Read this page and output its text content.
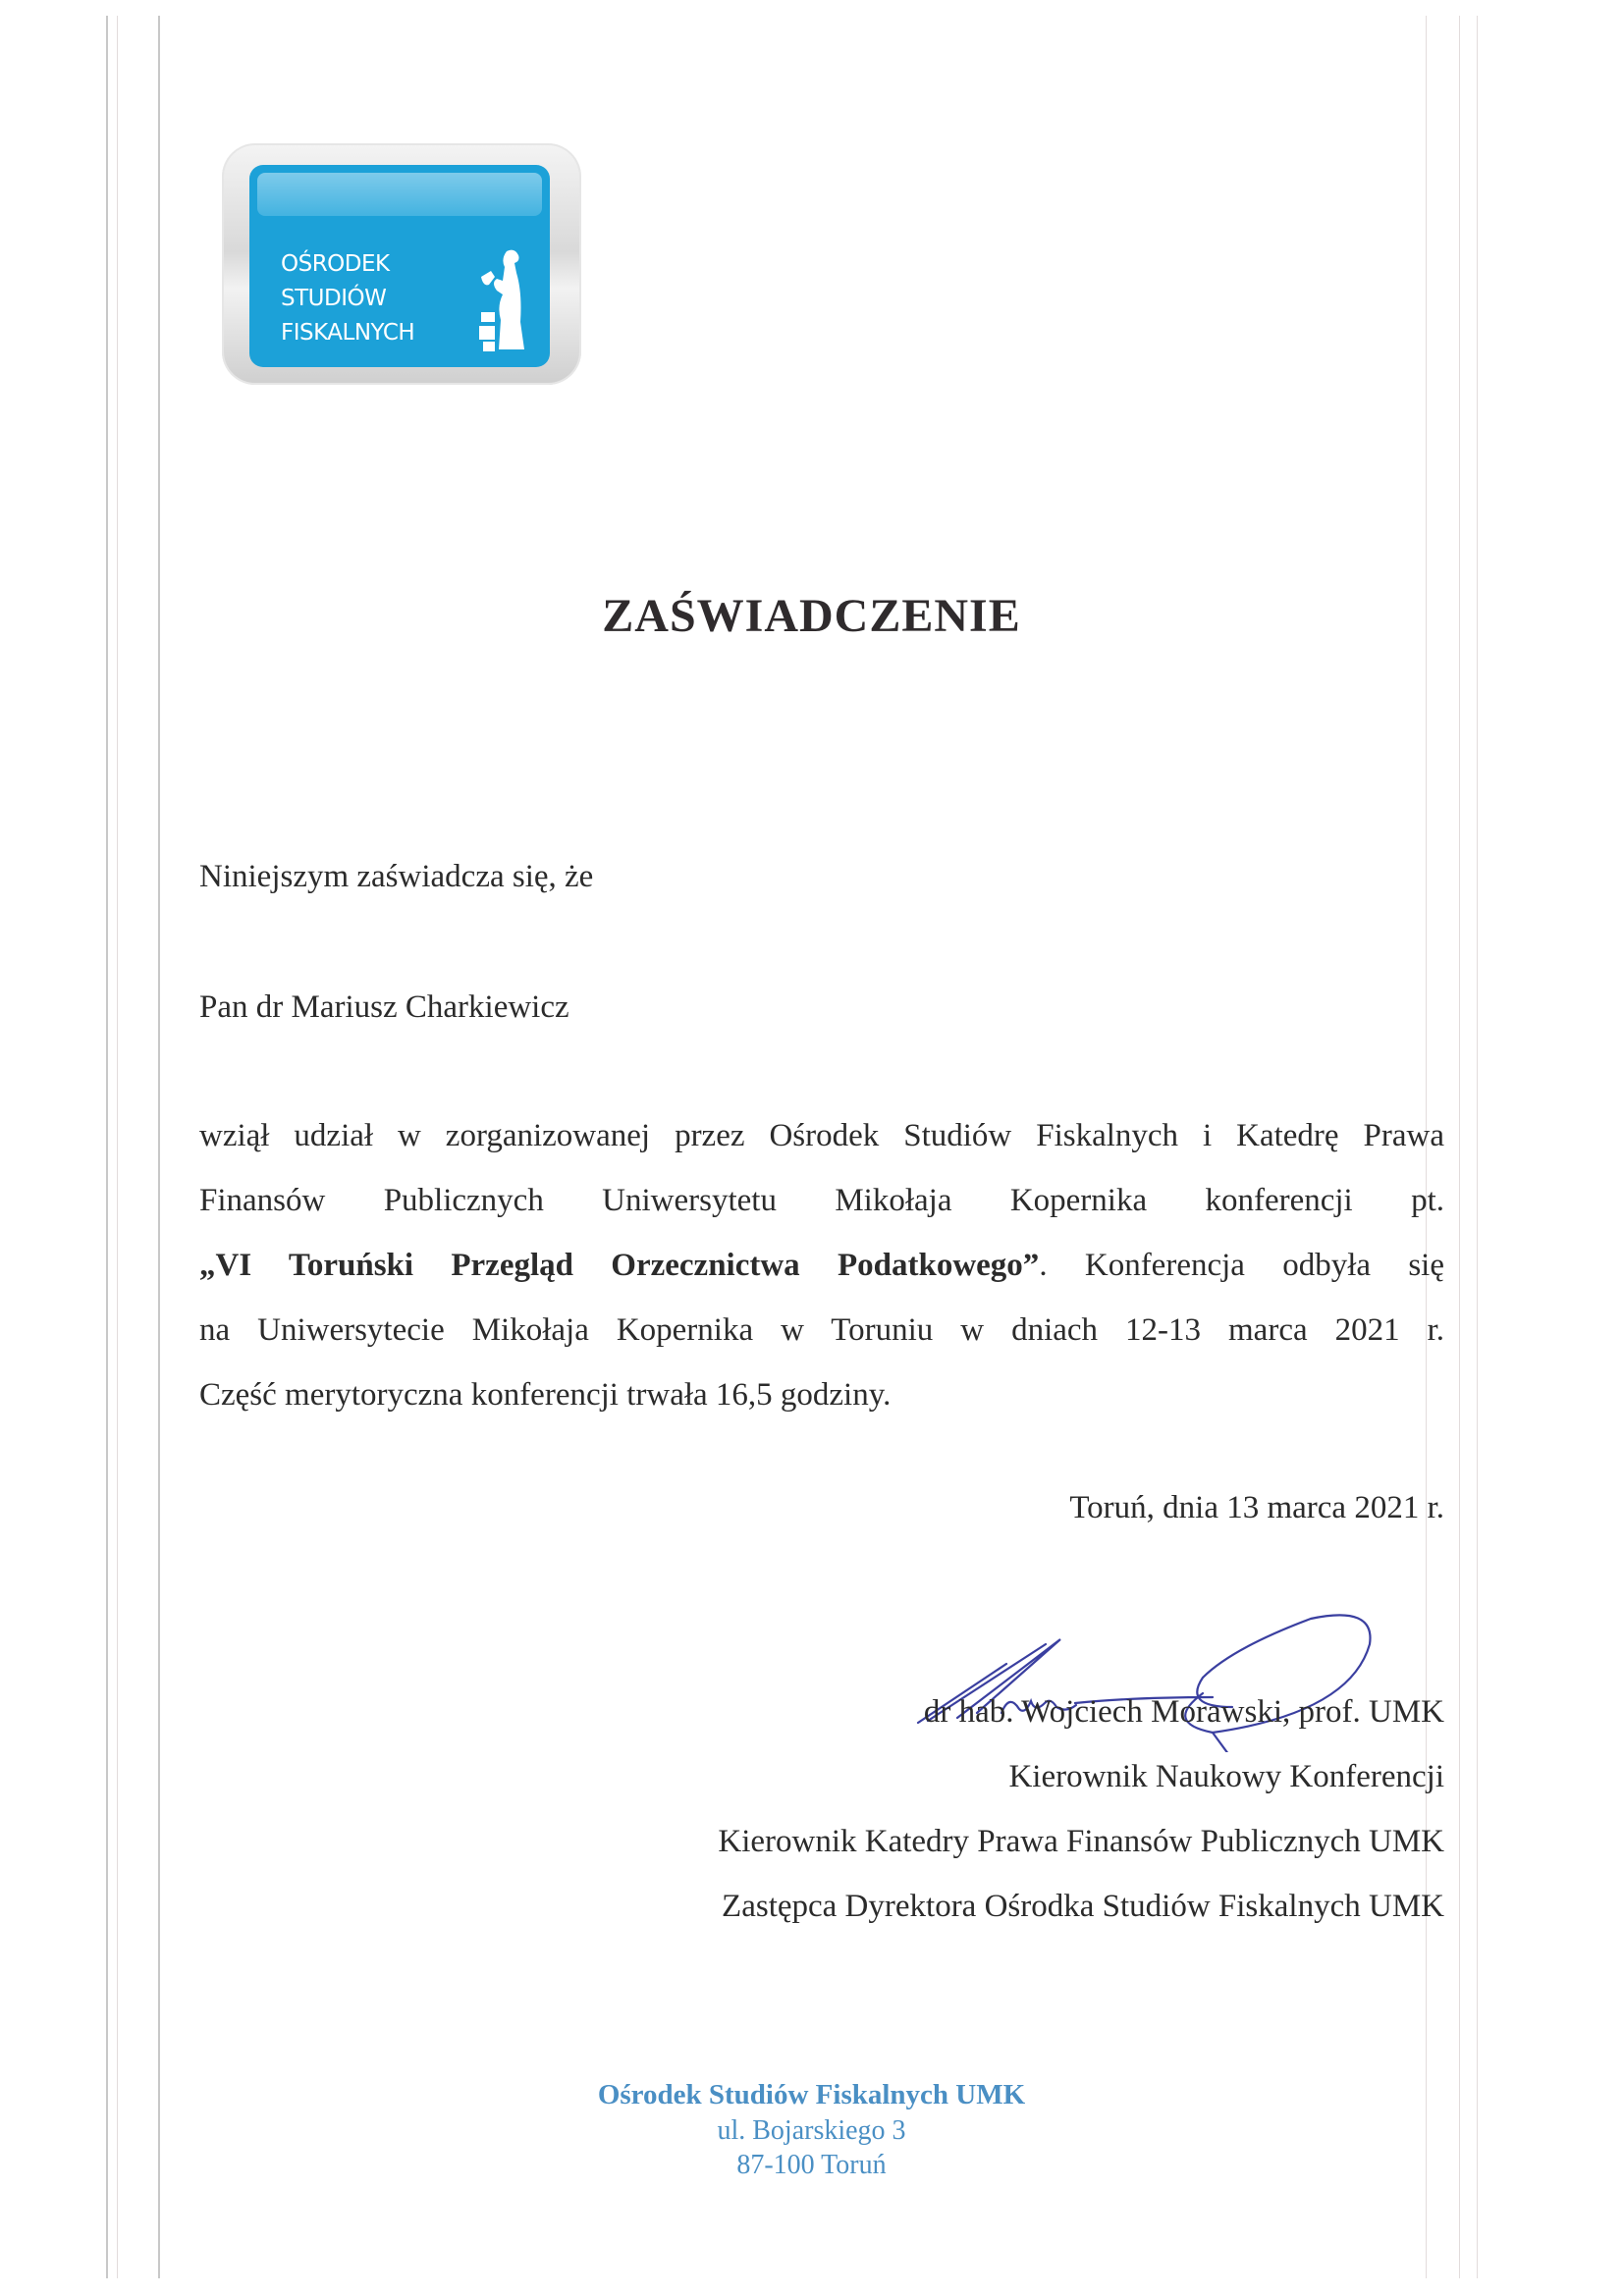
OŚRODEK
STUDIÓW
FISKALNYCH
ZAŚWIADCZENIE
Niniejszym zaświadcza się, że
Pan dr Mariusz Charkiewicz
wziął udział w zorganizowanej przez Ośrodek Studiów Fiskalnych i Katedrę Prawa
Finansów Publicznych Uniwersytetu Mikołaja Kopernika konferencji pt.
„VI Toruński Przegląd Orzecznictwa Podatkowego”. Konferencja odbyła się
na Uniwersytecie Mikołaja Kopernika w Toruniu w dniach 12-13 marca 2021 r.
Część merytoryczna konferencji trwała 16,5 godziny.
Toruń, dnia 13 marca 2021 r.
dr hab. Wojciech Morawski, prof. UMK
Kierownik Naukowy Konferencji
Kierownik Katedry Prawa Finansów Publicznych UMK
Zastępca Dyrektora Ośrodka Studiów Fiskalnych UMK
Ośrodek Studiów Fiskalnych UMK
ul. Bojarskiego 3
87-100 Toruń
